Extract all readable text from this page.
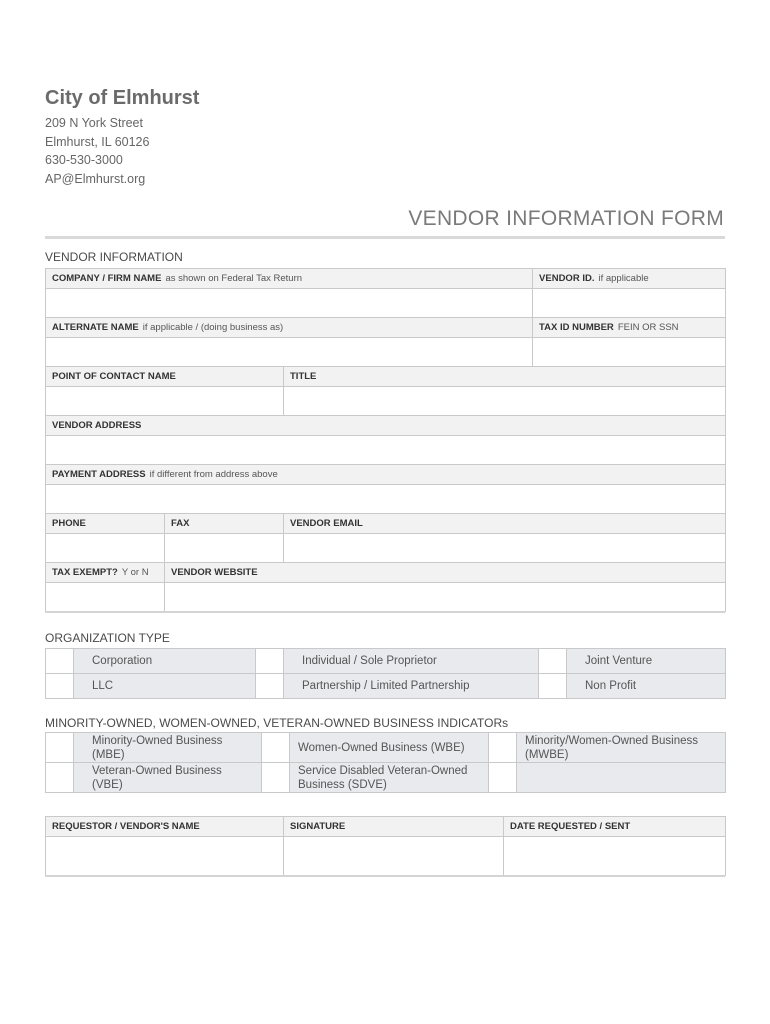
City of Elmhurst
209 N York Street
Elmhurst, IL 60126
630-530-3000
AP@Elmhurst.org
VENDOR INFORMATION FORM
VENDOR INFORMATION
COMPANY / FIRM NAME as shown on Federal Tax Return			VENDOR ID. if applicable

ALTERNATE NAME if applicable / (doing business as)			TAX ID NUMBER FEIN OR SSN

POINT OF CONTACT NAME		TITLE	

VENDOR ADDRESS			

PAYMENT ADDRESS if different from address above			

PHONE	FAX	VENDOR EMAIL	

TAX EXEMPT? Y or N	VENDOR WEBSITE		

ORGANIZATION TYPE
	Corporation		Individual / Sole Proprietor		Joint Venture
	LLC		Partnership / Limited Partnership		Non Profit
MINORITY-OWNED, WOMEN-OWNED, VETERAN-OWNED BUSINESS INDICATORs
	Minority-Owned Business (MBE)		Women-Owned Business (WBE)		Minority/Women-Owned Business (MWBE)
	Veteran-Owned Business (VBE)		Service Disabled Veteran-Owned Business (SDVE)		
REQUESTOR / VENDOR'S NAME	SIGNATURE	DATE REQUESTED / SENT
